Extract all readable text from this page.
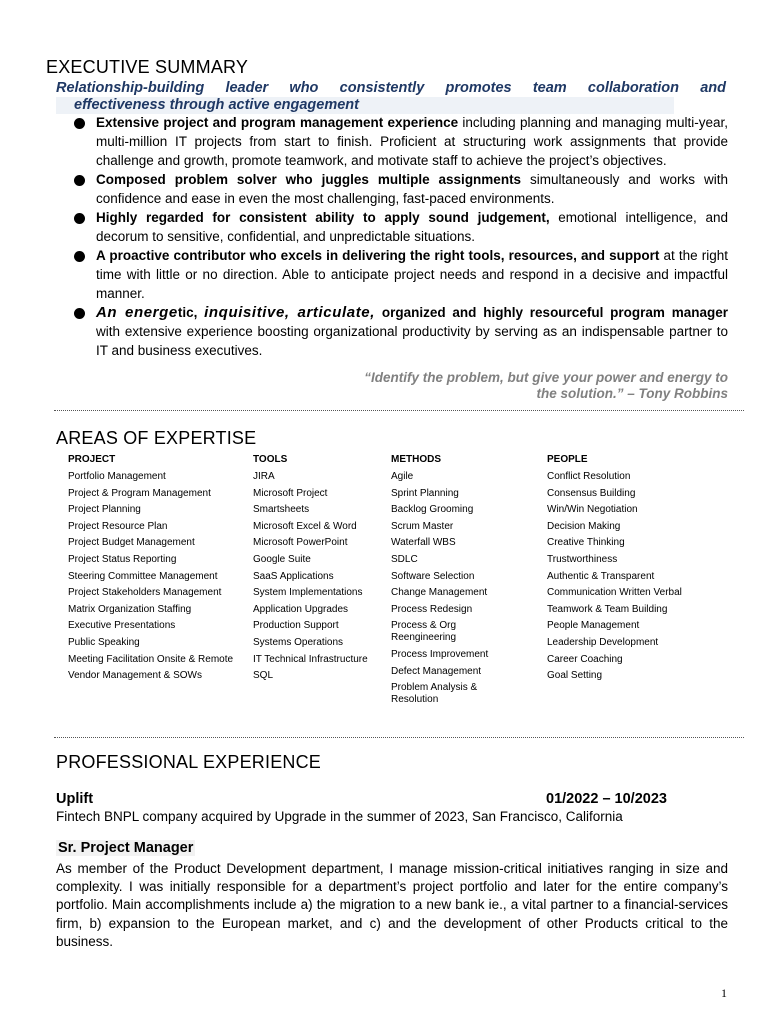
EXECUTIVE SUMMARY
Relationship-building leader who consistently promotes team collaboration and
effectiveness through active engagement
Extensive project and program management experience including planning and managing multi-year, multi-million IT projects from start to finish. Proficient at structuring work assignments that provide challenge and growth, promote teamwork, and motivate staff to achieve the project’s objectives.
Composed problem solver who juggles multiple assignments simultaneously and works with confidence and ease in even the most challenging, fast-paced environments.
Highly regarded for consistent ability to apply sound judgement, emotional intelligence, and decorum to sensitive, confidential, and unpredictable situations.
A proactive contributor who excels in delivering the right tools, resources, and support at the right time with little or no direction. Able to anticipate project needs and respond in a decisive and impactful manner.
An energetic, inquisitive, articulate, organized and highly resourceful program manager with extensive experience boosting organizational productivity by serving as an indispensable partner to IT and business executives.
“Identify the problem, but give your power and energy to
the solution.” – Tony Robbins
AREAS OF EXPERTISE
PROJECT
Portfolio Management
Project & Program Management
Project Planning
Project Resource Plan
Project Budget Management
Project Status Reporting
Steering Committee Management
Project Stakeholders Management
Matrix Organization Staffing
Executive Presentations
Public Speaking
Meeting Facilitation Onsite & Remote
Vendor Management & SOWs
TOOLS
JIRA
Microsoft Project
Smartsheets
Microsoft Excel & Word
Microsoft PowerPoint
Google Suite
SaaS Applications
System Implementations
Application Upgrades
Production Support
Systems Operations
IT Technical Infrastructure
SQL
METHODS
Agile
Sprint Planning
Backlog Grooming
Scrum Master
Waterfall WBS
SDLC
Software Selection
Change Management
Process Redesign
Process & Org Reengineering
Process Improvement
Defect Management
Problem Analysis & Resolution
PEOPLE
Conflict Resolution
Consensus Building
Win/Win Negotiation
Decision Making
Creative Thinking
Trustworthiness
Authentic & Transparent
Communication Written Verbal
Teamwork & Team Building
People Management
Leadership Development
Career Coaching
Goal Setting
PROFESSIONAL EXPERIENCE
Uplift	01/2022 – 10/2023
Fintech BNPL company acquired by Upgrade in the summer of 2023, San Francisco, California
Sr. Project Manager

As member of the Product Development department, I manage mission-critical initiatives ranging in size and complexity. I was initially responsible for a department’s project portfolio and later for the entire company’s portfolio. Main accomplishments include a) the migration to a new bank ie., a vital partner to a financial-services firm, b) expansion to the European market, and c) and the development of other Products critical to the business.

1
